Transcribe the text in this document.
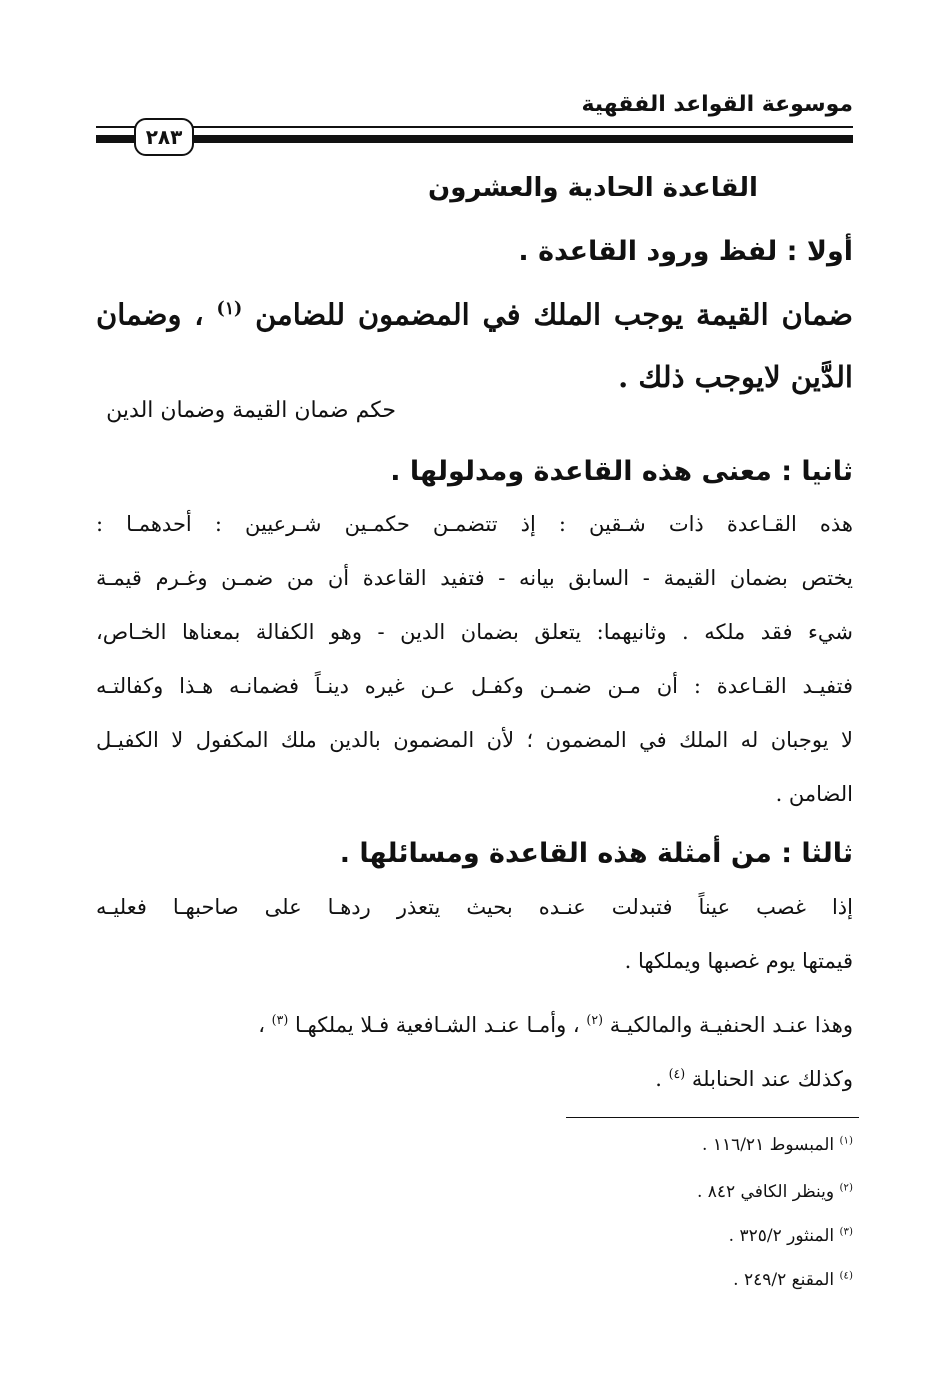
موسوعة القواعد الفقهية
٢٨٣
القاعدة الحادية والعشرون
أولا : لفظ ورود القاعدة .
ضمان القيمة يوجب الملك في المضمون للضامن $^{(١)}$ ، وضمان الدَّين لايوجب ذلك .
حكم ضمان القيمة وضمان الدين
ثانيا : معنى هذه القاعدة ومدلولها .
هذه القـاعدة ذات شـقين : إذ تتضمـن حكمـين شـرعيين : أحدهمـا :
يختص بضمان القيمة - السابق بيانه - فتفيد القاعدة أن من ضمـن وغـرم قيمـة
شيء فقد ملكه . وثانيهما: يتعلق بضمان الدين - وهو الكفالة بمعناها الخـاص،
فتفيـد القـاعدة : أن مـن ضمـن وكفـل عـن غيره دينـاً فضمانـه هـذا وكفالتـه
لا يوجبان له الملك في المضمون ؛ لأن المضمون بالدين ملك المكفول لا الكفيـل
الضامن .
ثالثا : من أمثلة هذه القاعدة ومسائلها .
إذا غصب عيناً فتبدلت عنـده بحيث يتعذر ردهـا على صاحبهـا فعليـه
قيمتها يوم غصبها ويملكها .
وهذا عنـد الحنفيـة والمالكيـة $^{(٢)}$ ، وأمـا عنـد الشـافعية فـلا يملكهـا $^{(٣)}$ ،
وكذلك عند الحنابلة $^{(٤)}$ .
$^{(١)}$ المبسوط ١١٦/٢١ .
$^{(٢)}$ وينظر الكافي ٨٤٢ .
$^{(٣)}$ المنثور ٣٢٥/٢ .
$^{(٤)}$ المقنع ٢٤٩/٢ .
